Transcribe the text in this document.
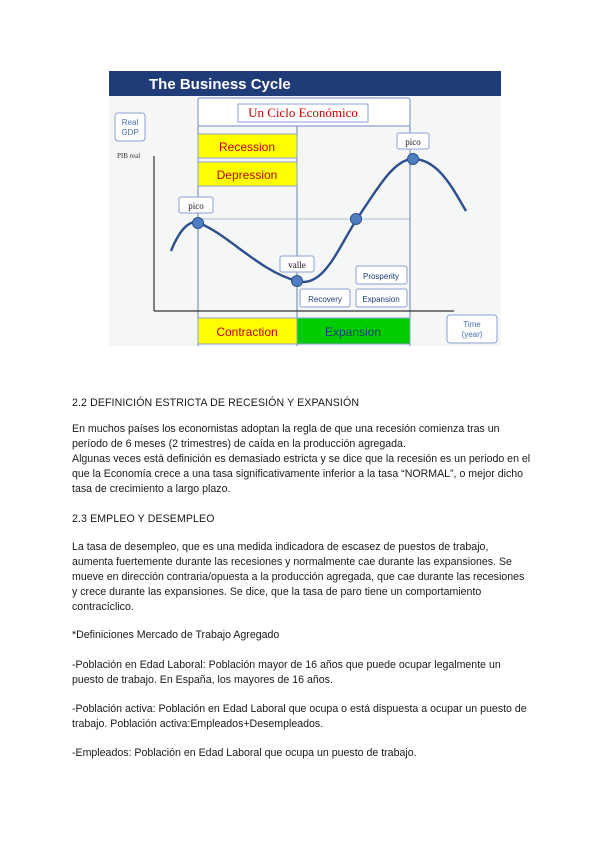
The Business Cycle
Un Ciclo Económico
Real
GDP
PIB real
Recession
Depression
pico
pico
valle
Recovery
Prosperity
Expansion
Contraction	Expansion
Time
(year)

2.2 DEFINICIÓN ESTRICTA DE RECESIÓN Y EXPANSIÓN

En muchos países los economistas adoptan la regla de que una recesión comienza tras un período de 6 meses (2 trimestres) de caída en la producción agregada.

Algunas veces está definición es demasiado estricta y se dice que la recesión es un periodo en el que la Economía crece a una tasa significativamente inferior a la tasa “NORMAL”, o mejor dicho tasa de crecimiento a largo plazo.

2.3 EMPLEO Y DESEMPLEO

La tasa de desempleo, que es una medida indicadora de escasez de puestos de trabajo, aumenta fuertemente durante las recesiones y normalmente cae durante las expansiones. Se mueve en dirección contraria/opuesta a la producción agregada, que cae durante las recesiones y crece durante las expansiones. Se dice, que la tasa de paro tiene un comportamiento contracíclico.

*Definiciones Mercado de Trabajo Agregado

-Población en Edad Laboral: Población mayor de 16 años que puede ocupar legalmente un puesto de trabajo. En España, los mayores de 16 años.

-Población activa: Población en Edad Laboral que ocupa o está dispuesta a ocupar un puesto de trabajo. Población activa:Empleados+Desempleados.

-Empleados: Población en Edad Laboral que ocupa un puesto de trabajo.
